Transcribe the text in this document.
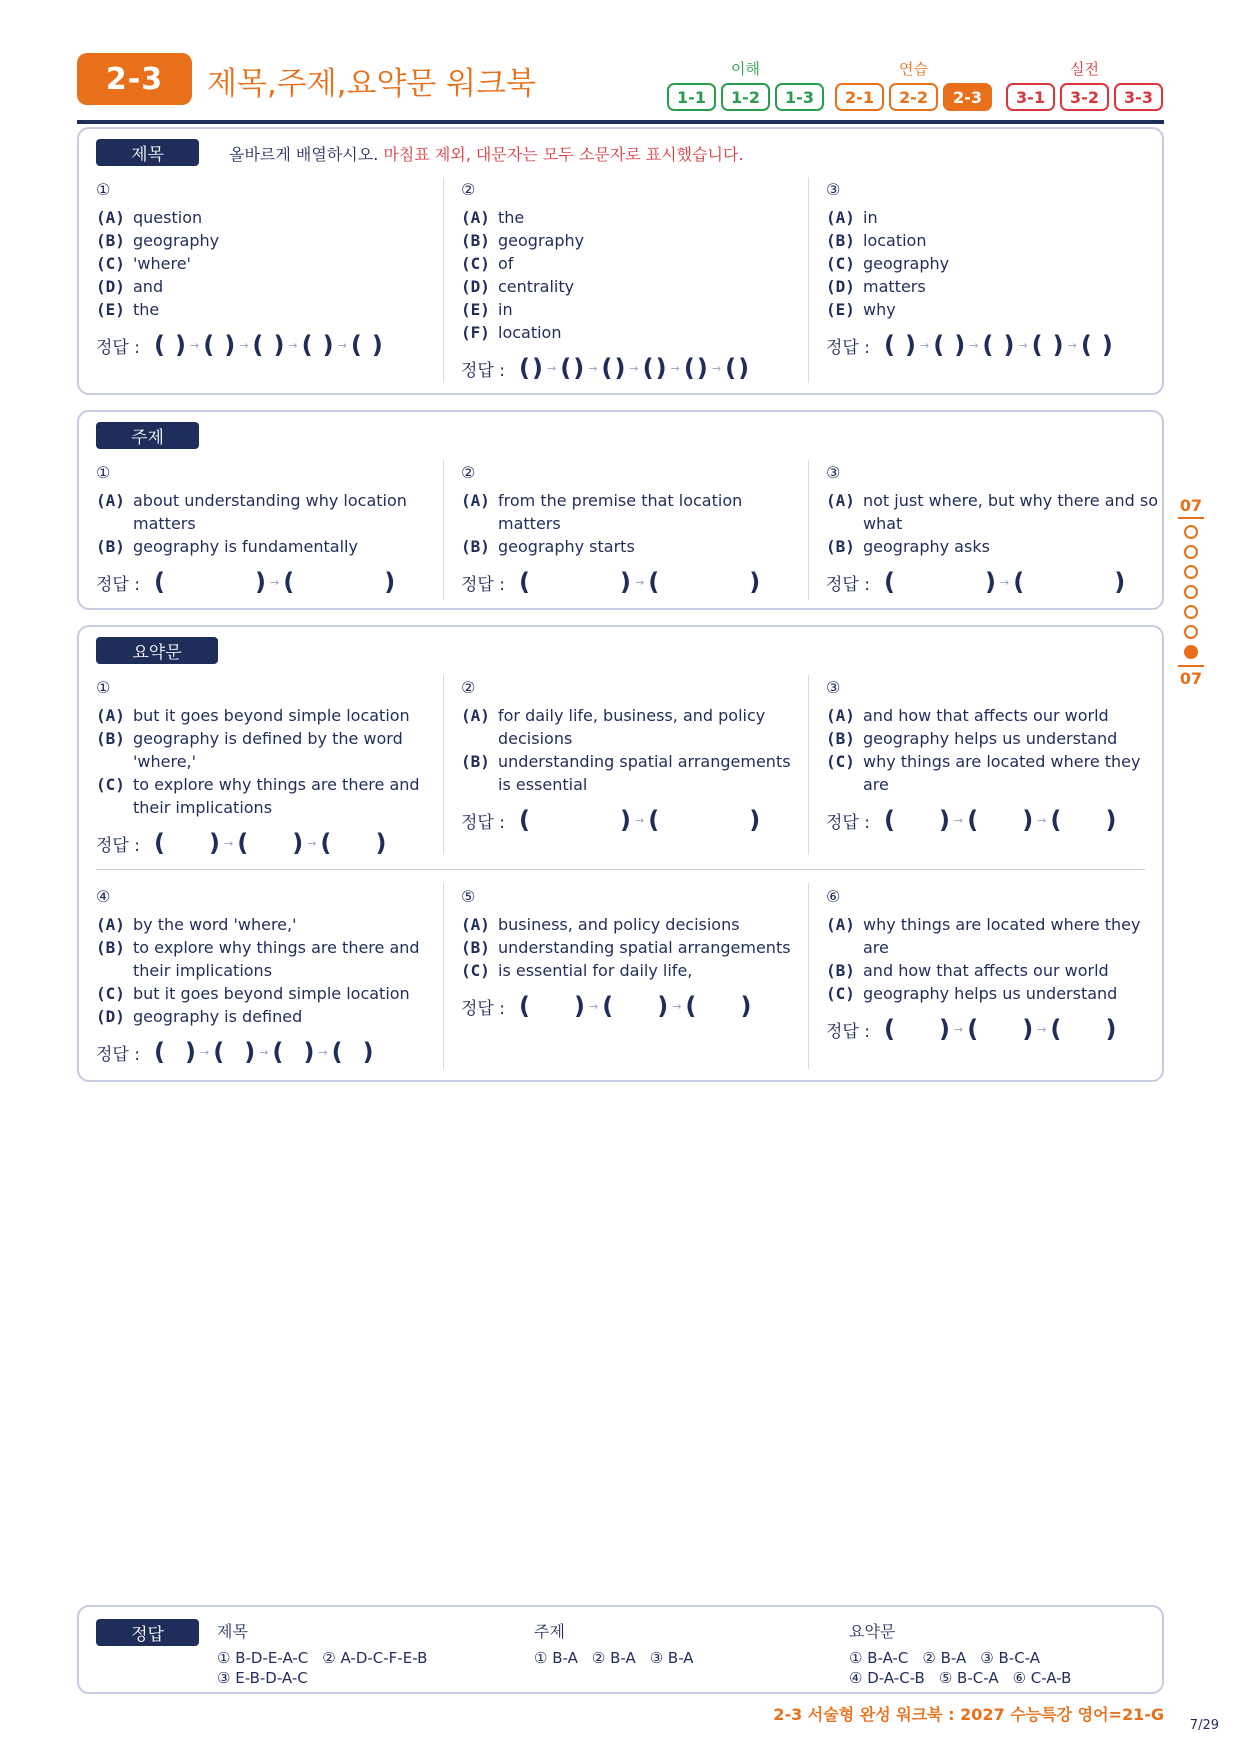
2-3	제목,주제,요약문 워크북	이해
1-1	1-2	1-3
연습
2-1	2-2	2-3
실전
3-1	3-2	3-3
제목	올바르게 배열하시오. 마침표 제외, 대문자는 모두 소문자로 표시했습니다.
①
(A) question
(B) geography
(C) 'where'
(D) and
(E) the
정답 : ( ) → ( ) → ( ) → ( ) → ( )
②
(A) the
(B) geography
(C) of
(D) centrality
(E) in
(F) location
정답 : ( ) → ( ) → ( ) → ( ) → ( ) → ( )
③
(A) in
(B) location
(C) geography
(D) matters
(E) why
정답 : ( ) → ( ) → ( ) → ( ) → ( )
주제
①
(A) about understanding why location matters
(B) geography is fundamentally
정답 : (	) → (	)
②
(A) from the premise that location matters
(B) geography starts
정답 : (	) → (	)
③
(A) not just where, but why there and so what
(B) geography asks
정답 : (	) → (	)
요약문
①
(A) but it goes beyond simple location
(B) geography is defined by the word 'where,'
(C) to explore why things are there and their implications
정답 : ( ) → ( ) → ( )
②
(A) for daily life, business, and policy decisions
(B) understanding spatial arrangements is essential
정답 : (	) → (	)
③
(A) and how that affects our world
(B) geography helps us understand
(C) why things are located where they are
정답 : ( ) → ( ) → ( )
④
(A) by the word 'where,'
(B) to explore why things are there and their implications
(C) but it goes beyond simple location
(D) geography is defined
정답 : ( ) → ( ) → ( ) → ( )
⑤
(A) business, and policy decisions
(B) understanding spatial arrangements
(C) is essential for daily life,
정답 : ( ) → ( ) → ( )
⑥
(A) why things are located where they are
(B) and how that affects our world
(C) geography helps us understand
정답 : ( ) → ( ) → ( )
07
07
정답	제목
① B-D-E-A-C ② A-D-C-F-E-B
③ E-B-D-A-C
주제
① B-A ② B-A ③ B-A
요약문
① B-A-C ② B-A ③ B-C-A
④ D-A-C-B ⑤ B-C-A ⑥ C-A-B
2-3 서술형 완성 워크북 : 2027 수능특강 영어=21-G
7/29
